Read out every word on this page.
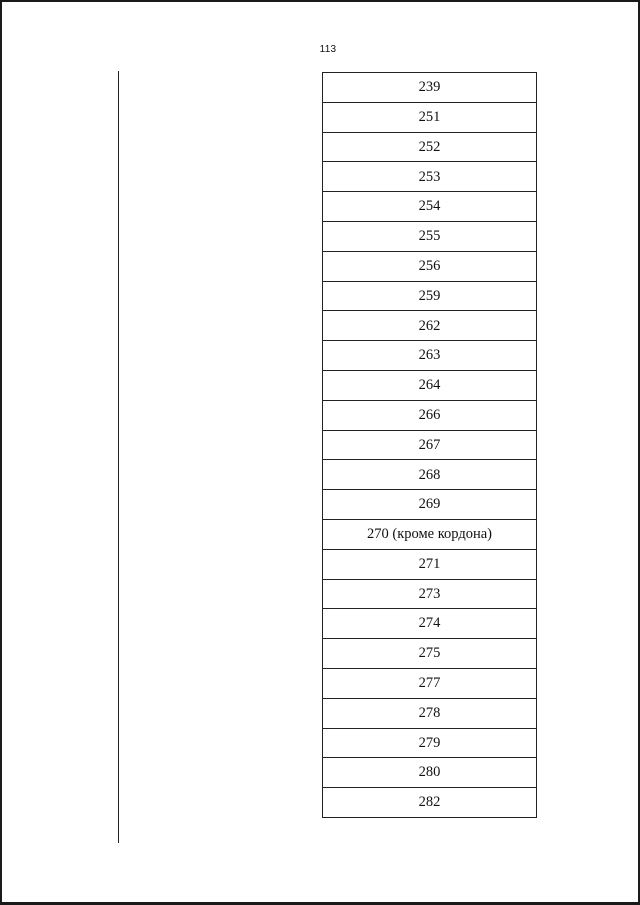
113
239
251
252
253
254
255
256
259
262
263
264
266
267
268
269
270 (кроме кордона)
271
273
274
275
277
278
279
280
282
